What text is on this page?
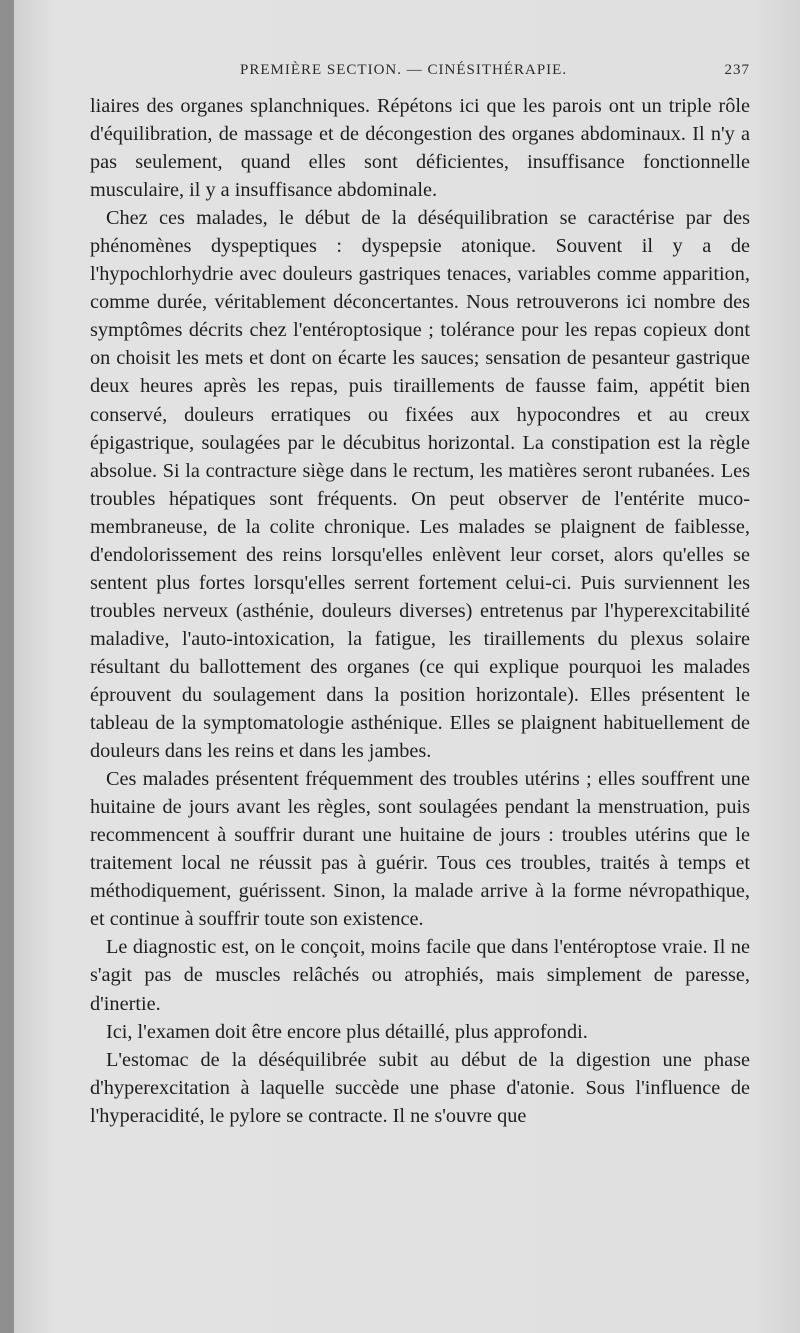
PREMIÈRE SECTION. — CINÉSITHÉRAPIE.	237

liaires des organes splanchniques. Répétons ici que les parois ont un triple rôle d'équilibration, de massage et de décongestion des organes abdominaux. Il n'y a pas seulement, quand elles sont déficientes, insuffisance fonctionnelle musculaire, il y a insuffisance abdominale.

Chez ces malades, le début de la déséquilibration se caractérise par des phénomènes dyspeptiques : dyspepsie atonique. Souvent il y a de l'hypochlorhydrie avec douleurs gastriques tenaces, variables comme apparition, comme durée, véritablement déconcertantes. Nous retrouverons ici nombre des symptômes décrits chez l'entéroptosique ; tolérance pour les repas copieux dont on choisit les mets et dont on écarte les sauces; sensation de pesanteur gastrique deux heures après les repas, puis tiraillements de fausse faim, appétit bien conservé, douleurs erratiques ou fixées aux hypocondres et au creux épigastrique, soulagées par le décubitus horizontal. La constipation est la règle absolue. Si la contracture siège dans le rectum, les matières seront rubanées. Les troubles hépatiques sont fréquents. On peut observer de l'entérite muco-membraneuse, de la colite chronique. Les malades se plaignent de faiblesse, d'endolorissement des reins lorsqu'elles enlèvent leur corset, alors qu'elles se sentent plus fortes lorsqu'elles serrent fortement celui-ci. Puis surviennent les troubles nerveux (asthénie, douleurs diverses) entretenus par l'hyperexcitabilité maladive, l'auto-intoxication, la fatigue, les tiraillements du plexus solaire résultant du ballottement des organes (ce qui explique pourquoi les malades éprouvent du soulagement dans la position horizontale). Elles présentent le tableau de la symptomatologie asthénique. Elles se plaignent habituellement de douleurs dans les reins et dans les jambes.

Ces malades présentent fréquemment des troubles utérins ; elles souffrent une huitaine de jours avant les règles, sont soulagées pendant la menstruation, puis recommencent à souffrir durant une huitaine de jours : troubles utérins que le traitement local ne réussit pas à guérir. Tous ces troubles, traités à temps et méthodiquement, guérissent. Sinon, la malade arrive à la forme névropathique, et continue à souffrir toute son existence.

Le diagnostic est, on le conçoit, moins facile que dans l'entéroptose vraie. Il ne s'agit pas de muscles relâchés ou atrophiés, mais simplement de paresse, d'inertie.

Ici, l'examen doit être encore plus détaillé, plus approfondi.

L'estomac de la déséquilibrée subit au début de la digestion une phase d'hyperexcitation à laquelle succède une phase d'atonie. Sous l'influence de l'hyperacidité, le pylore se contracte. Il ne s'ouvre que
